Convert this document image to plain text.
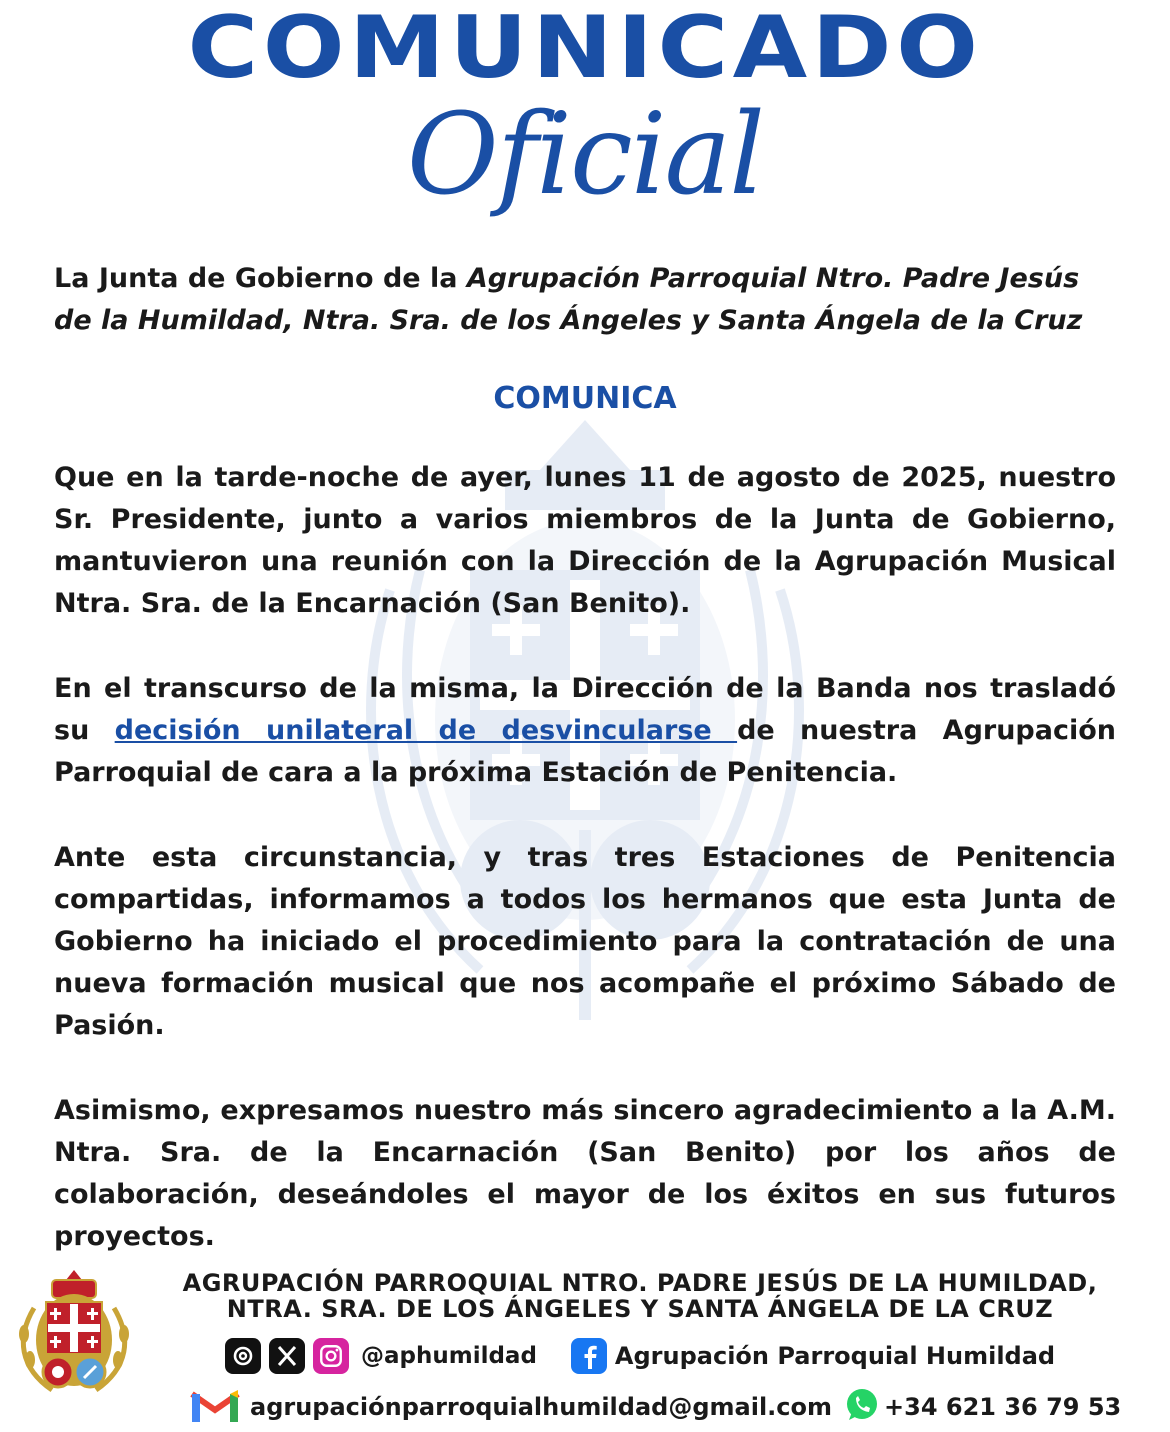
COMUNICADO
Oficial

La Junta de Gobierno de la Agrupación Parroquial Ntro. Padre Jesús de la Humildad, Ntra. Sra. de los Ángeles y Santa Ángela de la Cruz

COMUNICA

Que en la tarde-noche de ayer, lunes 11 de agosto de 2025, nuestro Sr. Presidente, junto a varios miembros de la Junta de Gobierno, mantuvieron una reunión con la Dirección de la Agrupación Musical Ntra. Sra. de la Encarnación (San Benito).

En el transcurso de la misma, la Dirección de la Banda nos trasladó su decisión unilateral de desvincularse de nuestra Agrupación Parroquial de cara a la próxima Estación de Penitencia.

Ante esta circunstancia, y tras tres Estaciones de Penitencia compartidas, informamos a todos los hermanos que esta Junta de Gobierno ha iniciado el procedimiento para la contratación de una nueva formación musical que nos acompañe el próximo Sábado de Pasión.

Asimismo, expresamos nuestro más sincero agradecimiento a la A.M. Ntra. Sra. de la Encarnación (San Benito) por los años de colaboración, deseándoles el mayor de los éxitos en sus futuros proyectos.

AGRUPACIÓN PARROQUIAL NTRO. PADRE JESÚS DE LA HUMILDAD,
NTRA. SRA. DE LOS ÁNGELES Y SANTA ÁNGELA DE LA CRUZ

@aphumildad	Agrupación Parroquial Humildad
agrupaciónparroquialhumildad@gmail.com +34 621 36 79 53
